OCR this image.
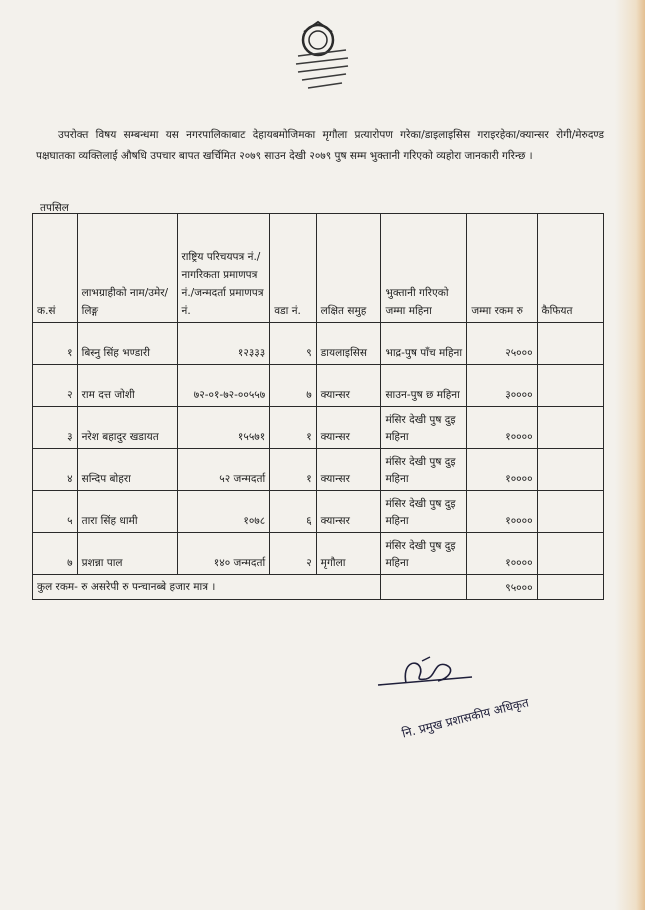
उपरोक्त विषय सम्बन्धमा यस नगरपालिकाबाट देहायबमोजिमका मृगौला प्रत्यारोपण गरेका/डाइलाइसिस गराइरहेका/क्यान्सर रोगी/मेरुदण्ड पक्षघातका व्यक्तिलाई औषधि उपचार बापत खर्चिमित २०७९ साउन देखी २०७९ पुष सम्म भुक्तानी गरिएको व्यहोरा जानकारी गरिन्छ ।

तपसिल
क.सं	लाभग्राहीको नाम/उमेर/लिङ्ग	राष्ट्रिय परिचयपत्र नं./नागरिकता प्रमाणपत्र नं./जन्मदर्ता प्रमाणपत्र नं.	वडा नं.	लक्षित समुह	भुक्तानी गरिएको जम्मा महिना	जम्मा रकम रु	कैफियत
१	बिस्नु सिंह भण्डारी	१२३३३	९	डायलाइसिस	भाद्र-पुष पाँच महिना	२५०००	
२	राम दत्त जोशी	७२-०१-७२-००५५७	७	क्यान्सर	साउन-पुष छ महिना	३००००	
३	नरेश बहादुर खडायत	१५५७१	१	क्यान्सर	मंसिर देखी पुष दुइ महिना	१००००	
४	सन्दिप बोहरा	५२ जन्मदर्ता	१	क्यान्सर	मंसिर देखी पुष दुइ महिना	१००००	
५	तारा सिंह धामी	१०७८	६	क्यान्सर	मंसिर देखी पुष दुइ महिना	१००००	
७	प्रशन्ना पाल	१४० जन्मदर्ता	२	मृगौला	मंसिर देखी पुष दुइ महिना	१००००	
कुल रकम- रु असरेपी रु पन्चानब्बे हजार मात्र ।						९५०००	
नि. प्रमुख प्रशासकीय अधिकृत
